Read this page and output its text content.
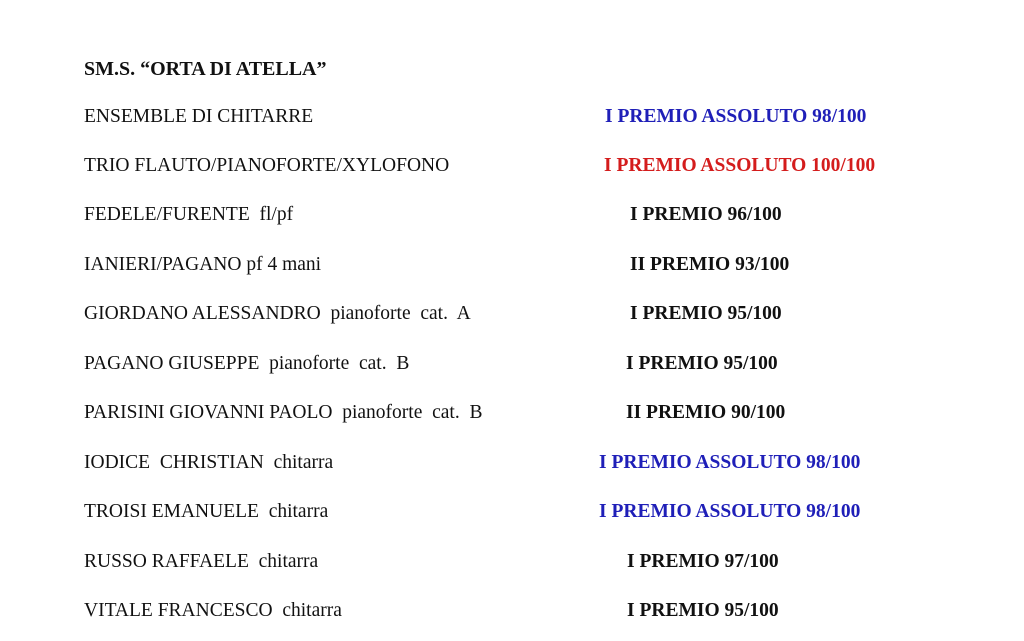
SM.S. “ORTA DI ATELLA”
ENSEMBLE DI CHITARRE	I PREMIO ASSOLUTO 98/100
TRIO FLAUTO/PIANOFORTE/XYLOFONO	I PREMIO ASSOLUTO 100/100
FEDELE/FURENTE  fl/pf	I PREMIO 96/100
IANIERI/PAGANO pf 4 mani	II PREMIO 93/100
GIORDANO ALESSANDRO  pianoforte  cat.  A	I PREMIO 95/100
PAGANO GIUSEPPE  pianoforte  cat.  B	I PREMIO 95/100
PARISINI GIOVANNI PAOLO  pianoforte  cat.  B	II PREMIO 90/100
IODICE  CHRISTIAN  chitarra	I PREMIO ASSOLUTO 98/100
TROISI EMANUELE  chitarra	I PREMIO ASSOLUTO 98/100
RUSSO RAFFAELE  chitarra	I PREMIO 97/100
VITALE FRANCESCO  chitarra	I PREMIO 95/100
